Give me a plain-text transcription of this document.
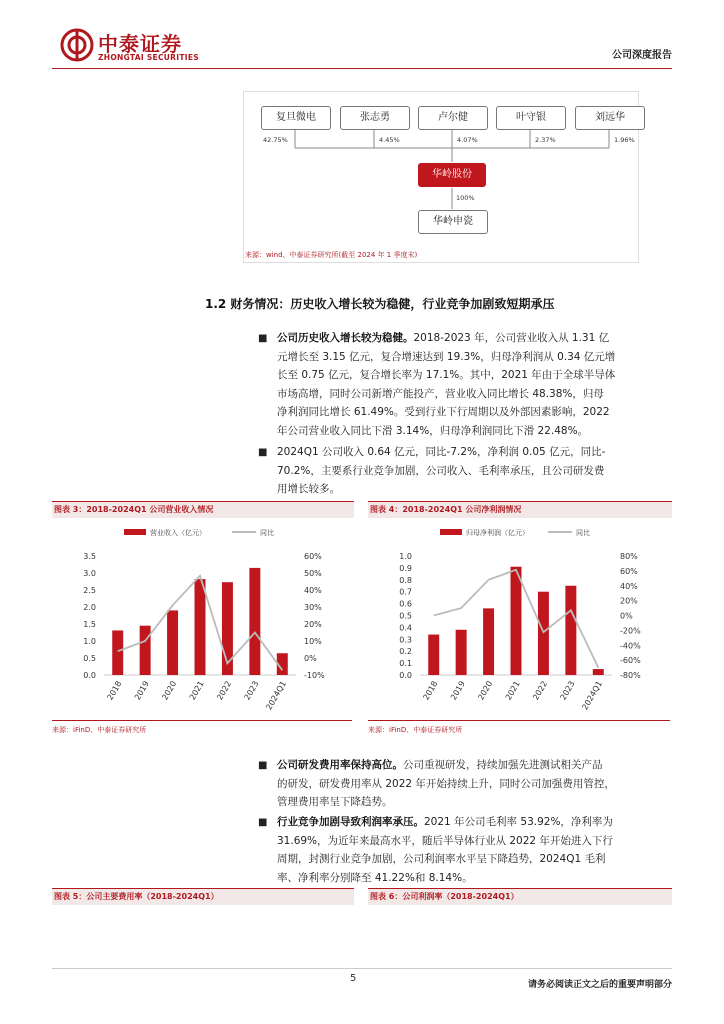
中泰证券
ZHONGTAI SECURITIES	公司深度报告
复旦微电	张志勇	卢尔健	叶守银	刘远华
42.75%	4.45%	4.07%	2.37%	1.96%
华岭股份
100%
华岭申瓷
来源：wind、中泰证券研究所(截至 2024 年 1 季度末)
1.2 财务情况：历史收入增长较为稳健，行业竞争加剧致短期承压
■ 公司历史收入增长较为稳健。2018-2023 年，公司营业收入从 1.31 亿
元增长至 3.15 亿元，复合增速达到 19.3%，归母净利润从 0.34 亿元增
长至 0.75 亿元，复合增长率为 17.1%。其中，2021 年由于全球半导体
市场高增，同时公司新增产能投产，营业收入同比增长 48.38%，归母
净利润同比增长 61.49%。受到行业下行周期以及外部因素影响，2022
年公司营业收入同比下滑 3.14%，归母净利润同比下滑 22.48%。
■ 2024Q1 公司收入 0.64 亿元，同比-7.2%，净利润 0.05 亿元，同比-
70.2%，主要系行业竞争加剧，公司收入、毛利率承压，且公司研发费
用增长较多。
图表 3：2018-2024Q1 公司营业收入情况	图表 4：2018-2024Q1 公司净利润情况
营业收入（亿元）	同比
0.0
0.5
1.0
1.5
2.0
2.5
3.0
3.5
-10%
0%
10%
20%
30%
40%
50%
60%
2018 2019 2020 2021 2022 2023 2024Q1
来源：iFinD、中泰证券研究所
归母净利润（亿元）	同比
0.0
0.1
0.2
0.3
0.4
0.5
0.6
0.7
0.8
0.9
1.0
-80%
-60%
-40%
-20%
0%
20%
40%
60%
80%
2018 2019 2020 2021 2022 2023 2024Q1
来源：iFinD、中泰证券研究所
■ 公司研发费用率保持高位。公司重视研发，持续加强先进测试相关产品
的研发，研发费用率从 2022 年开始持续上升，同时公司加强费用管控，
管理费用率呈下降趋势。
■ 行业竞争加剧导致利润率承压。2021 年公司毛利率 53.92%，净利率为
31.69%，为近年来最高水平，随后半导体行业从 2022 年开始进入下行
周期，封测行业竞争加剧，公司利润率水平呈下降趋势，2024Q1 毛利
率、净利率分别降至 41.22%和 8.14%。
图表 5：公司主要费用率（2018-2024Q1）	图表 6：公司利润率（2018-2024Q1）
5
请务必阅读正文之后的重要声明部分
